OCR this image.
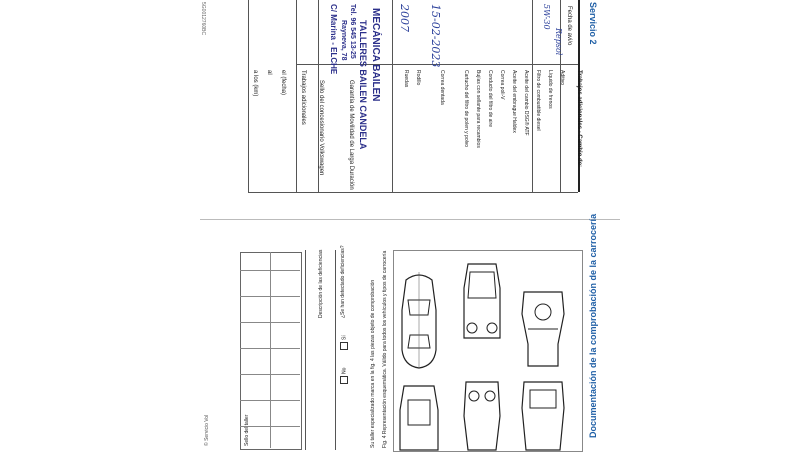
Servicio 2
Fecha de avi/o
Trabajos adicionales - Cambio de:
Aditivo
Líquido de frenos
Filtro de combustible diesel
Aceite del cambio DSG® ATF
Aceite del embrague Haldex
Correa poli-V
Conducto del filtro de aire
Bujías con sellante para recambios
Cartucho del filtro de polen y polvo
Correa dentada
Rodillo
Ruedas
15-02-2023	Repsol
5W-30
2007
MECÁNICA BAILEN
TALLERES BAILEN CANDELA
Tel. 96 545 13-25
Rayneva, 78
C/ Marina - ELCHE
Garantía de Movilidad de Larga Duración
Sello del concesionario Volkswagen
Trabajos adicionales
el (fecha)
al
a los (km)
5G0012760BC
Documentación de la comprobación de la carrocería
Fig. 4 Representación esquemática. Válido para todos los vehículos y tipos de carrocería
Su taller especializado marca en la fig. 4 las piezas objeto de comprobación
¿Se han detectado deficiencias?
Sí
No
Descripción de las deficiencias
Sello del taller
© Servicio Vol
